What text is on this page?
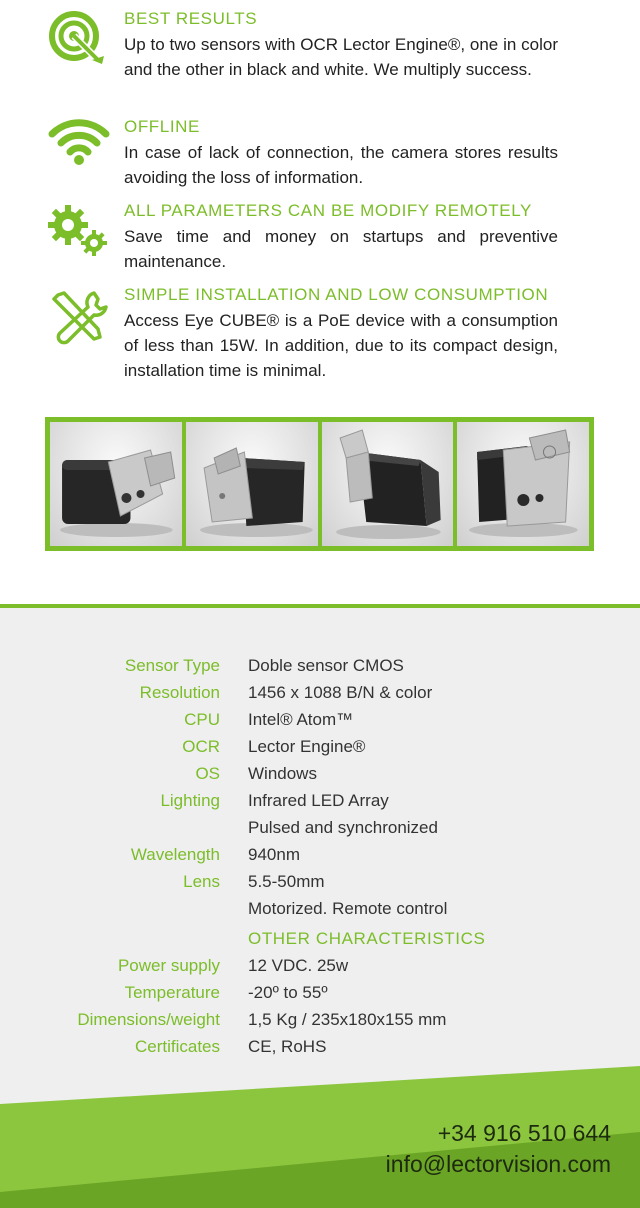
BEST RESULTS
Up to two sensors with OCR Lector Engine®, one in color and the other in black and white. We multiply success.
OFFLINE
In case of lack of connection, the camera stores results avoiding the loss of information.
ALL PARAMETERS CAN BE MODIFY REMOTELY
Save time and money on startups and preventive maintenance.
SIMPLE INSTALLATION AND LOW CONSUMPTION
Access Eye CUBE® is a PoE device with a consumption of less than 15W. In addition, due to its compact design, installation time is minimal.
Sensor Type Doble sensor CMOS
Resolution 1456 x 1088 B/N & color
CPU Intel® Atom™
OCR Lector Engine®
OS Windows
Lighting Infrared LED Array
Pulsed and synchronized
Wavelength 940nm
Lens 5.5-50mm
Motorized. Remote control
OTHER CHARACTERISTICS
Power supply 12 VDC. 25w
Temperature -20º to 55º
Dimensions/weight 1,5 Kg / 235x180x155 mm
Certificates CE, RoHS
+34 916 510 644
info@lectorvision.com
